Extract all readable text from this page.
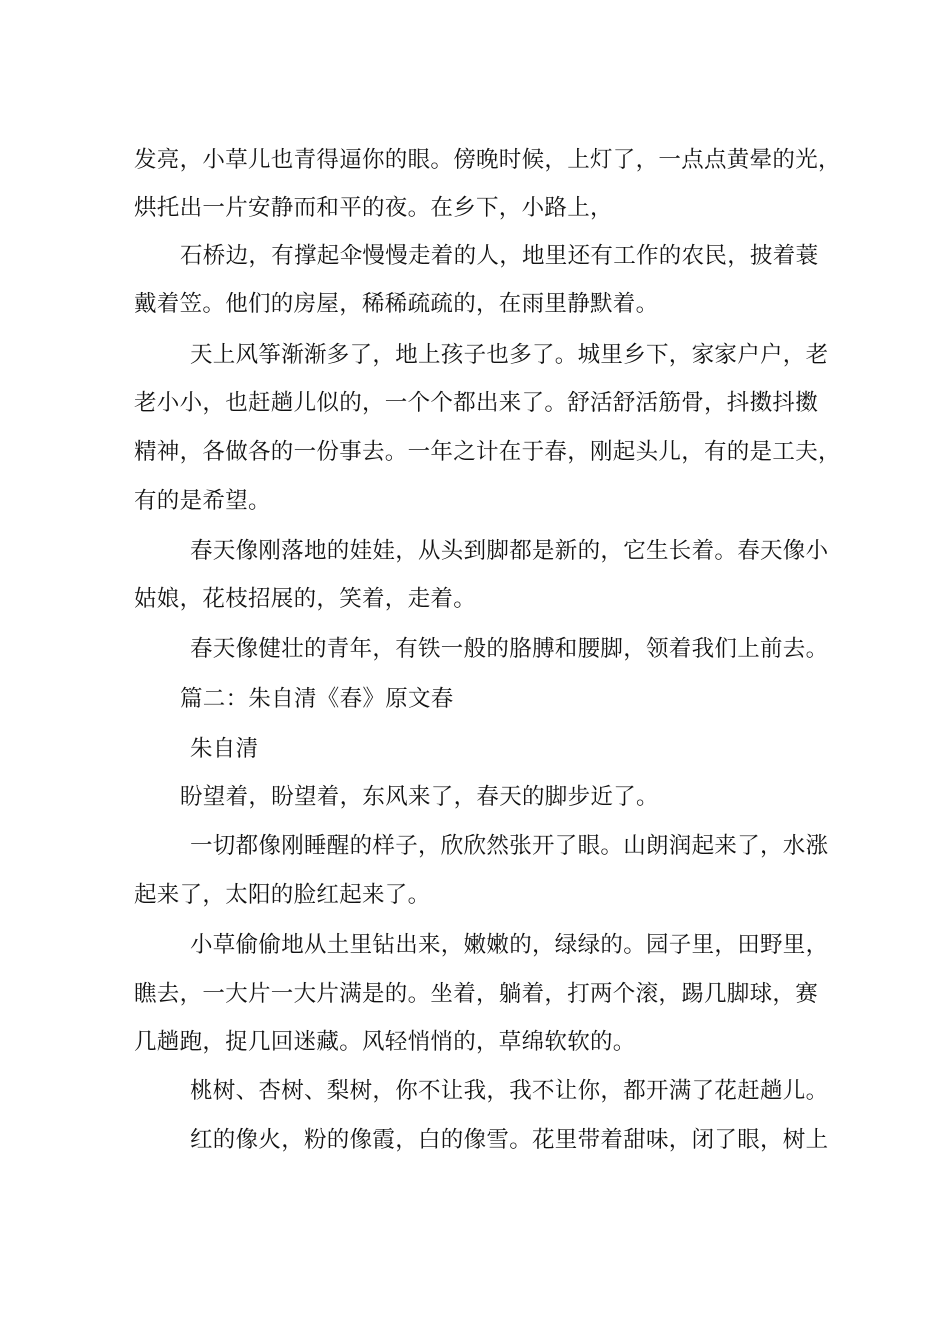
发亮，小草儿也青得逼你的眼。傍晚时候，上灯了，一点点黄晕的光，

烘托出一片安静而和平的夜。在乡下，小路上，

石桥边，有撑起伞慢慢走着的人，地里还有工作的农民，披着蓑

戴着笠。他们的房屋，稀稀疏疏的，在雨里静默着。

天上风筝渐渐多了，地上孩子也多了。城里乡下，家家户户，老

老小小，也赶趟儿似的，一个个都出来了。舒活舒活筋骨，抖擞抖擞

精神，各做各的一份事去。一年之计在于春，刚起头儿，有的是工夫，

有的是希望。

春天像刚落地的娃娃，从头到脚都是新的，它生长着。春天像小

姑娘，花枝招展的，笑着，走着。

春天像健壮的青年，有铁一般的胳膊和腰脚，领着我们上前去。

篇二：朱自清《春》原文春

朱自清

盼望着，盼望着，东风来了，春天的脚步近了。

一切都像刚睡醒的样子，欣欣然张开了眼。山朗润起来了，水涨

起来了，太阳的脸红起来了。

小草偷偷地从土里钻出来，嫩嫩的，绿绿的。园子里，田野里，

瞧去，一大片一大片满是的。坐着，躺着，打两个滚，踢几脚球，赛

几趟跑，捉几回迷藏。风轻悄悄的，草绵软软的。

桃树、杏树、梨树，你不让我，我不让你，都开满了花赶趟儿。

红的像火，粉的像霞，白的像雪。花里带着甜味，闭了眼，树上
